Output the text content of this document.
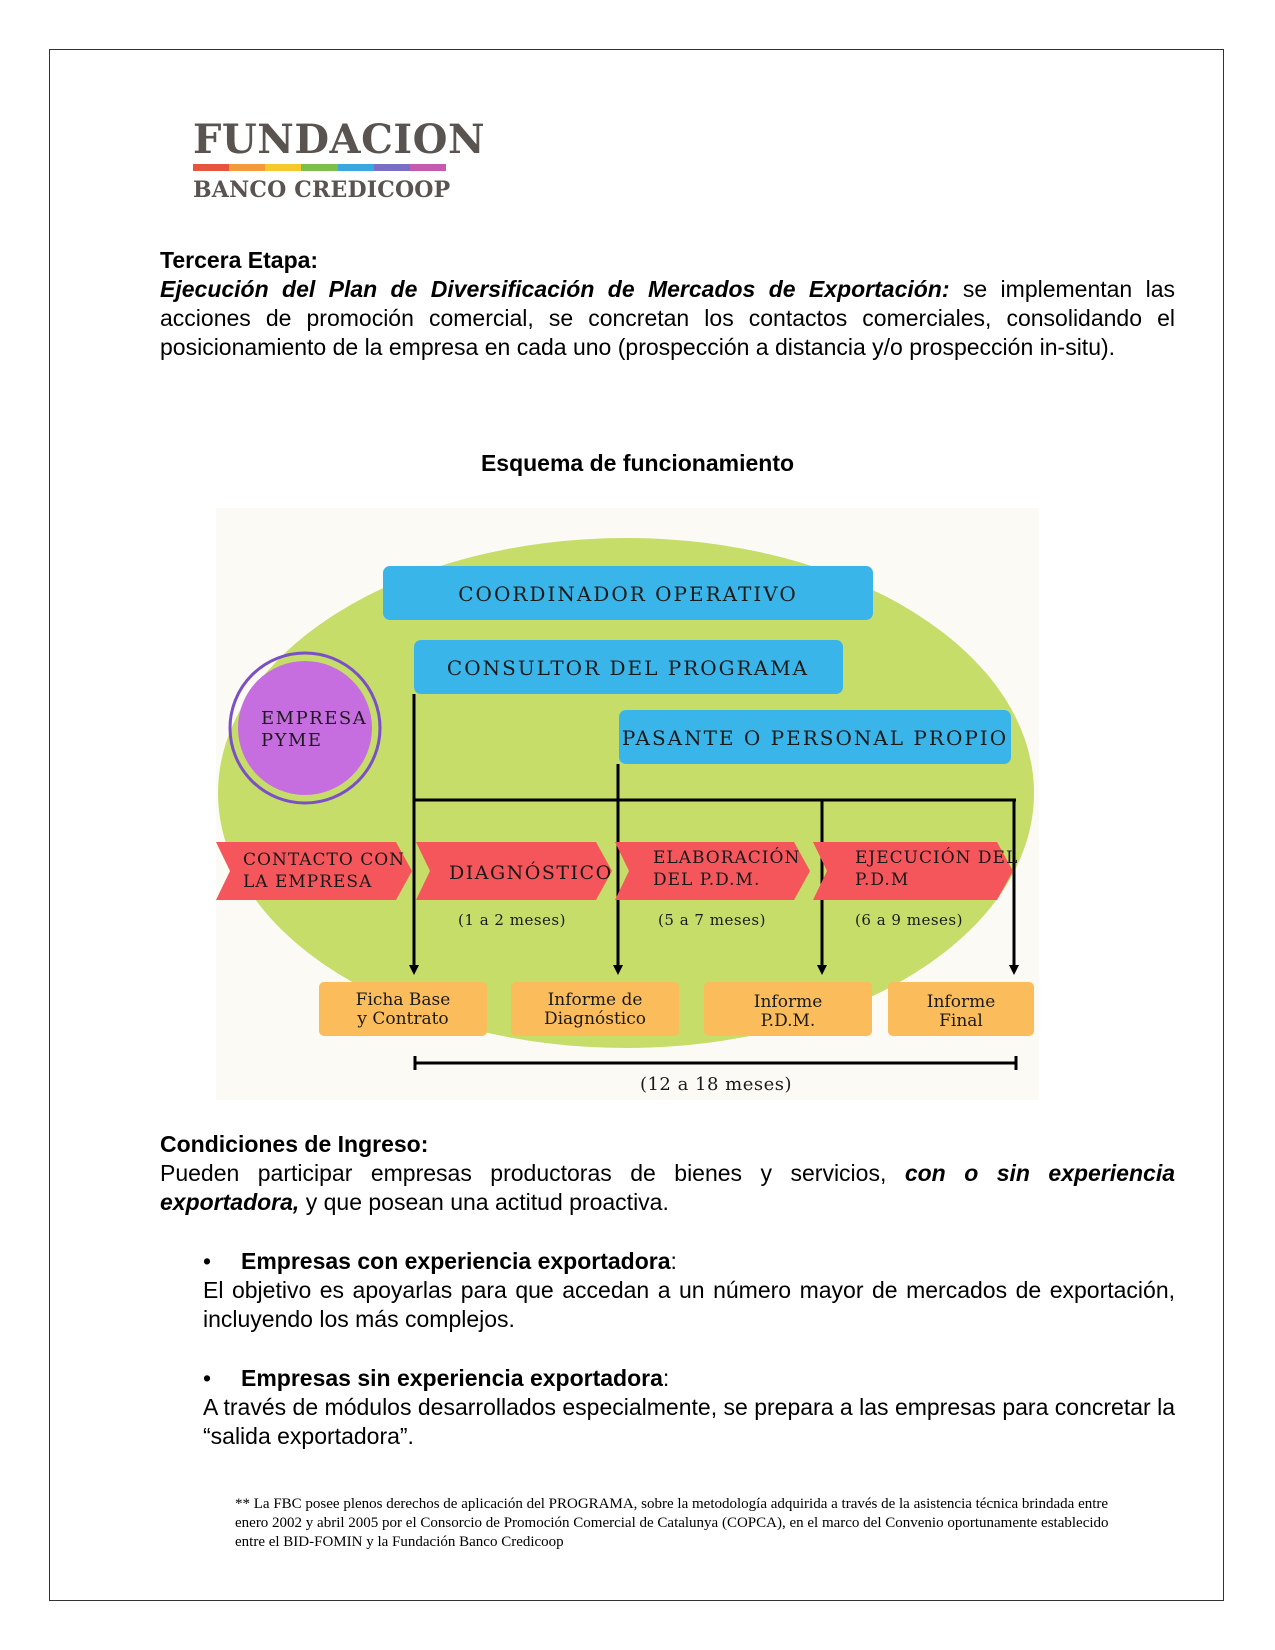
FUNDACION
BANCO CREDICOOP
Tercera Etapa:
Ejecución del Plan de Diversificación de Mercados de Exportación: se implementan las acciones de promoción comercial, se concretan los contactos comerciales, consolidando el posicionamiento de la empresa en cada uno (prospección a distancia y/o prospección in-situ).
Esquema de funcionamiento
COORDINADOR OPERATIVO
CONSULTOR DEL PROGRAMA
PASANTE O PERSONAL PROPIO
EMPRESA
PYME
CONTACTO CON
LA EMPRESA	DIAGNÓSTICO
ELABORACIÓN
DEL P.D.M.
EJECUCIÓN DEL
P.D.M
(1 a 2 meses)	(5 a 7 meses)	(6 a 9 meses)
Ficha Base
y Contrato
Informe de
Diagnóstico
Informe
P.D.M.
Informe
Final
(12 a 18 meses)
Condiciones de Ingreso:

Pueden participar empresas productoras de bienes y servicios, con o sin experiencia exportadora, y que posean una actitud proactiva.

•	Empresas con experiencia exportadora:
El objetivo es apoyarlas para que accedan a un número mayor de mercados de exportación, incluyendo los más complejos.
•	Empresas sin experiencia exportadora:
A través de módulos desarrollados especialmente, se prepara a las empresas para concretar la “salida exportadora”.
** La FBC posee plenos derechos de aplicación del PROGRAMA, sobre la metodología adquirida a través de la asistencia técnica brindada entre enero 2002 y abril 2005 por el Consorcio de Promoción Comercial de Catalunya (COPCA), en el marco del Convenio oportunamente establecido entre el BID-FOMIN y la Fundación Banco Credicoop
